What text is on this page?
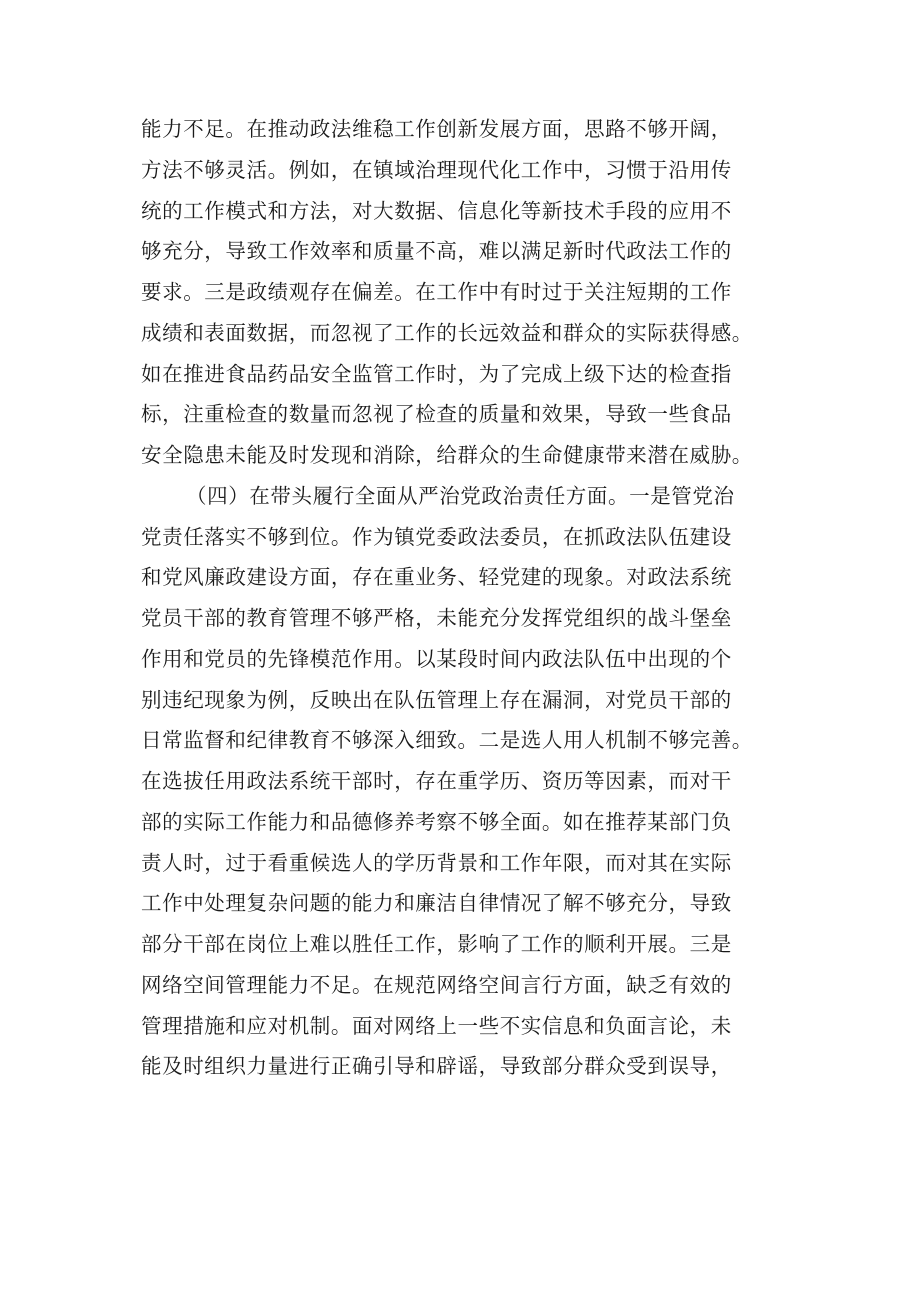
能力不足。在推动政法维稳工作创新发展方面，思路不够开阔，
方法不够灵活。例如，在镇域治理现代化工作中，习惯于沿用传
统的工作模式和方法，对大数据、信息化等新技术手段的应用不
够充分，导致工作效率和质量不高，难以满足新时代政法工作的
要求。三是政绩观存在偏差。在工作中有时过于关注短期的工作
成绩和表面数据，而忽视了工作的长远效益和群众的实际获得感。
如在推进食品药品安全监管工作时，为了完成上级下达的检查指
标，注重检查的数量而忽视了检查的质量和效果，导致一些食品
安全隐患未能及时发现和消除，给群众的生命健康带来潜在威胁。
（四）在带头履行全面从严治党政治责任方面。一是管党治
党责任落实不够到位。作为镇党委政法委员，在抓政法队伍建设
和党风廉政建设方面，存在重业务、轻党建的现象。对政法系统
党员干部的教育管理不够严格，未能充分发挥党组织的战斗堡垒
作用和党员的先锋模范作用。以某段时间内政法队伍中出现的个
别违纪现象为例，反映出在队伍管理上存在漏洞，对党员干部的
日常监督和纪律教育不够深入细致。二是选人用人机制不够完善。
在选拔任用政法系统干部时，存在重学历、资历等因素，而对干
部的实际工作能力和品德修养考察不够全面。如在推荐某部门负
责人时，过于看重候选人的学历背景和工作年限，而对其在实际
工作中处理复杂问题的能力和廉洁自律情况了解不够充分，导致
部分干部在岗位上难以胜任工作，影响了工作的顺利开展。三是
网络空间管理能力不足。在规范网络空间言行方面，缺乏有效的
管理措施和应对机制。面对网络上一些不实信息和负面言论，未
能及时组织力量进行正确引导和辟谣，导致部分群众受到误导，
